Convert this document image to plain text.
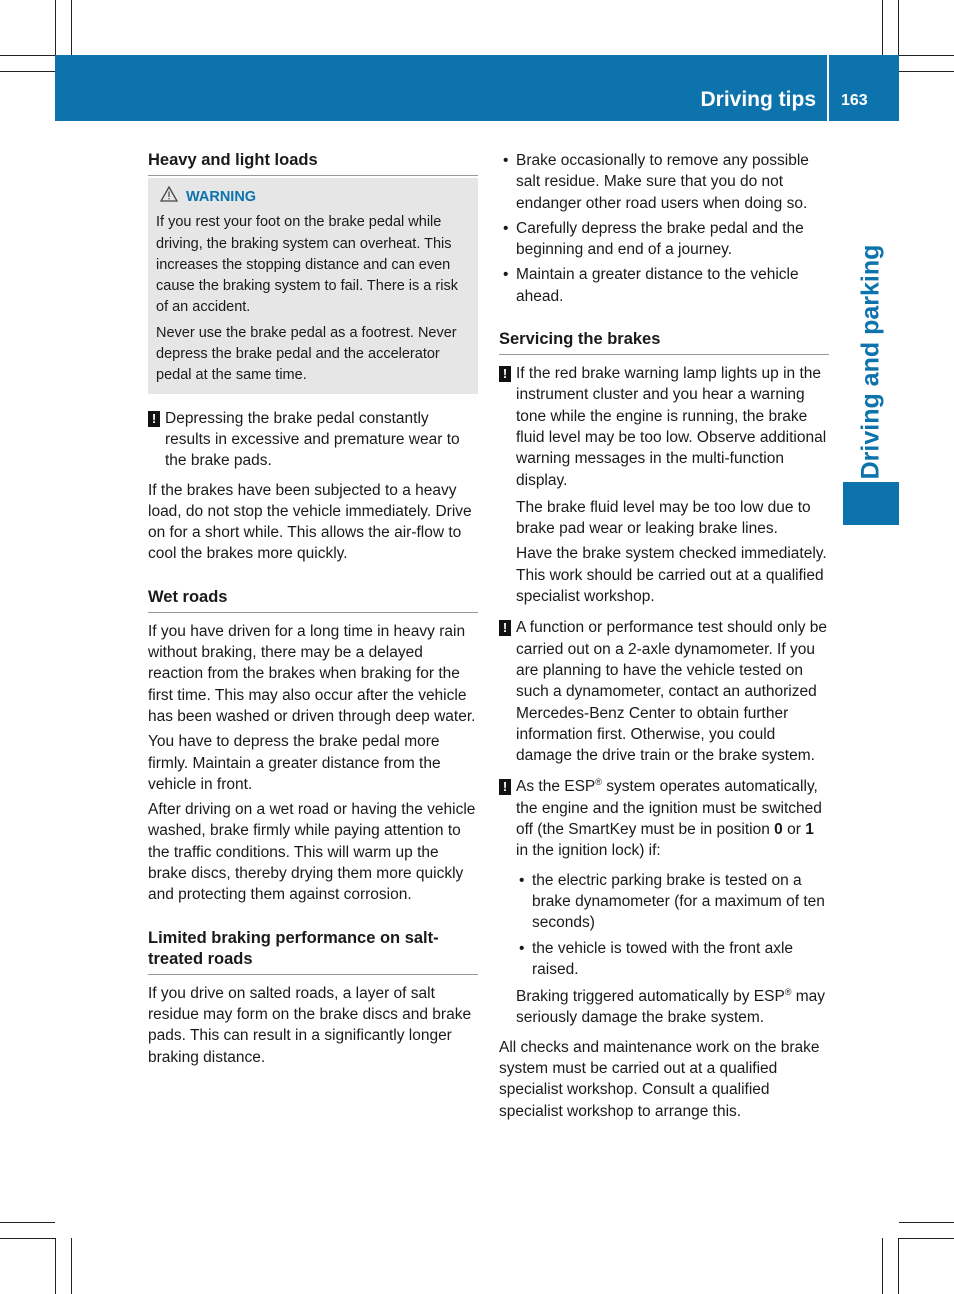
Driving tips 163
Driving and parking
Heavy and light loads
WARNING

If you rest your foot on the brake pedal while driving, the braking system can overheat. This increases the stopping distance and can even cause the braking system to fail. There is a risk of an accident.

Never use the brake pedal as a footrest. Never depress the brake pedal and the accelerator pedal at the same time.

! Depressing the brake pedal constantly results in excessive and premature wear to the brake pads.

If the brakes have been subjected to a heavy load, do not stop the vehicle immediately. Drive on for a short while. This allows the air-flow to cool the brakes more quickly.

Wet roads

If you have driven for a long time in heavy rain without braking, there may be a delayed reaction from the brakes when braking for the first time. This may also occur after the vehicle has been washed or driven through deep water.

You have to depress the brake pedal more firmly. Maintain a greater distance from the vehicle in front.

After driving on a wet road or having the vehicle washed, brake firmly while paying attention to the traffic conditions. This will warm up the brake discs, thereby drying them more quickly and protecting them against corrosion.

Limited braking performance on salt-treated roads

If you drive on salted roads, a layer of salt residue may form on the brake discs and brake pads. This can result in a significantly longer braking distance.

• Brake occasionally to remove any possible salt residue. Make sure that you do not endanger other road users when doing so.
• Carefully depress the brake pedal and the beginning and end of a journey.
• Maintain a greater distance to the vehicle ahead.
Servicing the brakes
! If the red brake warning lamp lights up in the instrument cluster and you hear a warning tone while the engine is running, the brake fluid level may be too low. Observe additional warning messages in the multi-function display.

The brake fluid level may be too low due to brake pad wear or leaking brake lines.

Have the brake system checked immediately. This work should be carried out at a qualified specialist workshop.

! A function or performance test should only be carried out on a 2-axle dynamometer. If you are planning to have the vehicle tested on such a dynamometer, contact an authorized Mercedes-Benz Center to obtain further information first. Otherwise, you could damage the drive train or the brake system.
! As the ESP® system operates automatically, the engine and the ignition must be switched off (the SmartKey must be in position 0 or 1 in the ignition lock) if:
• the electric parking brake is tested on a brake dynamometer (for a maximum of ten seconds)
• the vehicle is towed with the front axle raised.

Braking triggered automatically by ESP® may seriously damage the brake system.

All checks and maintenance work on the brake system must be carried out at a qualified specialist workshop. Consult a qualified specialist workshop to arrange this.
